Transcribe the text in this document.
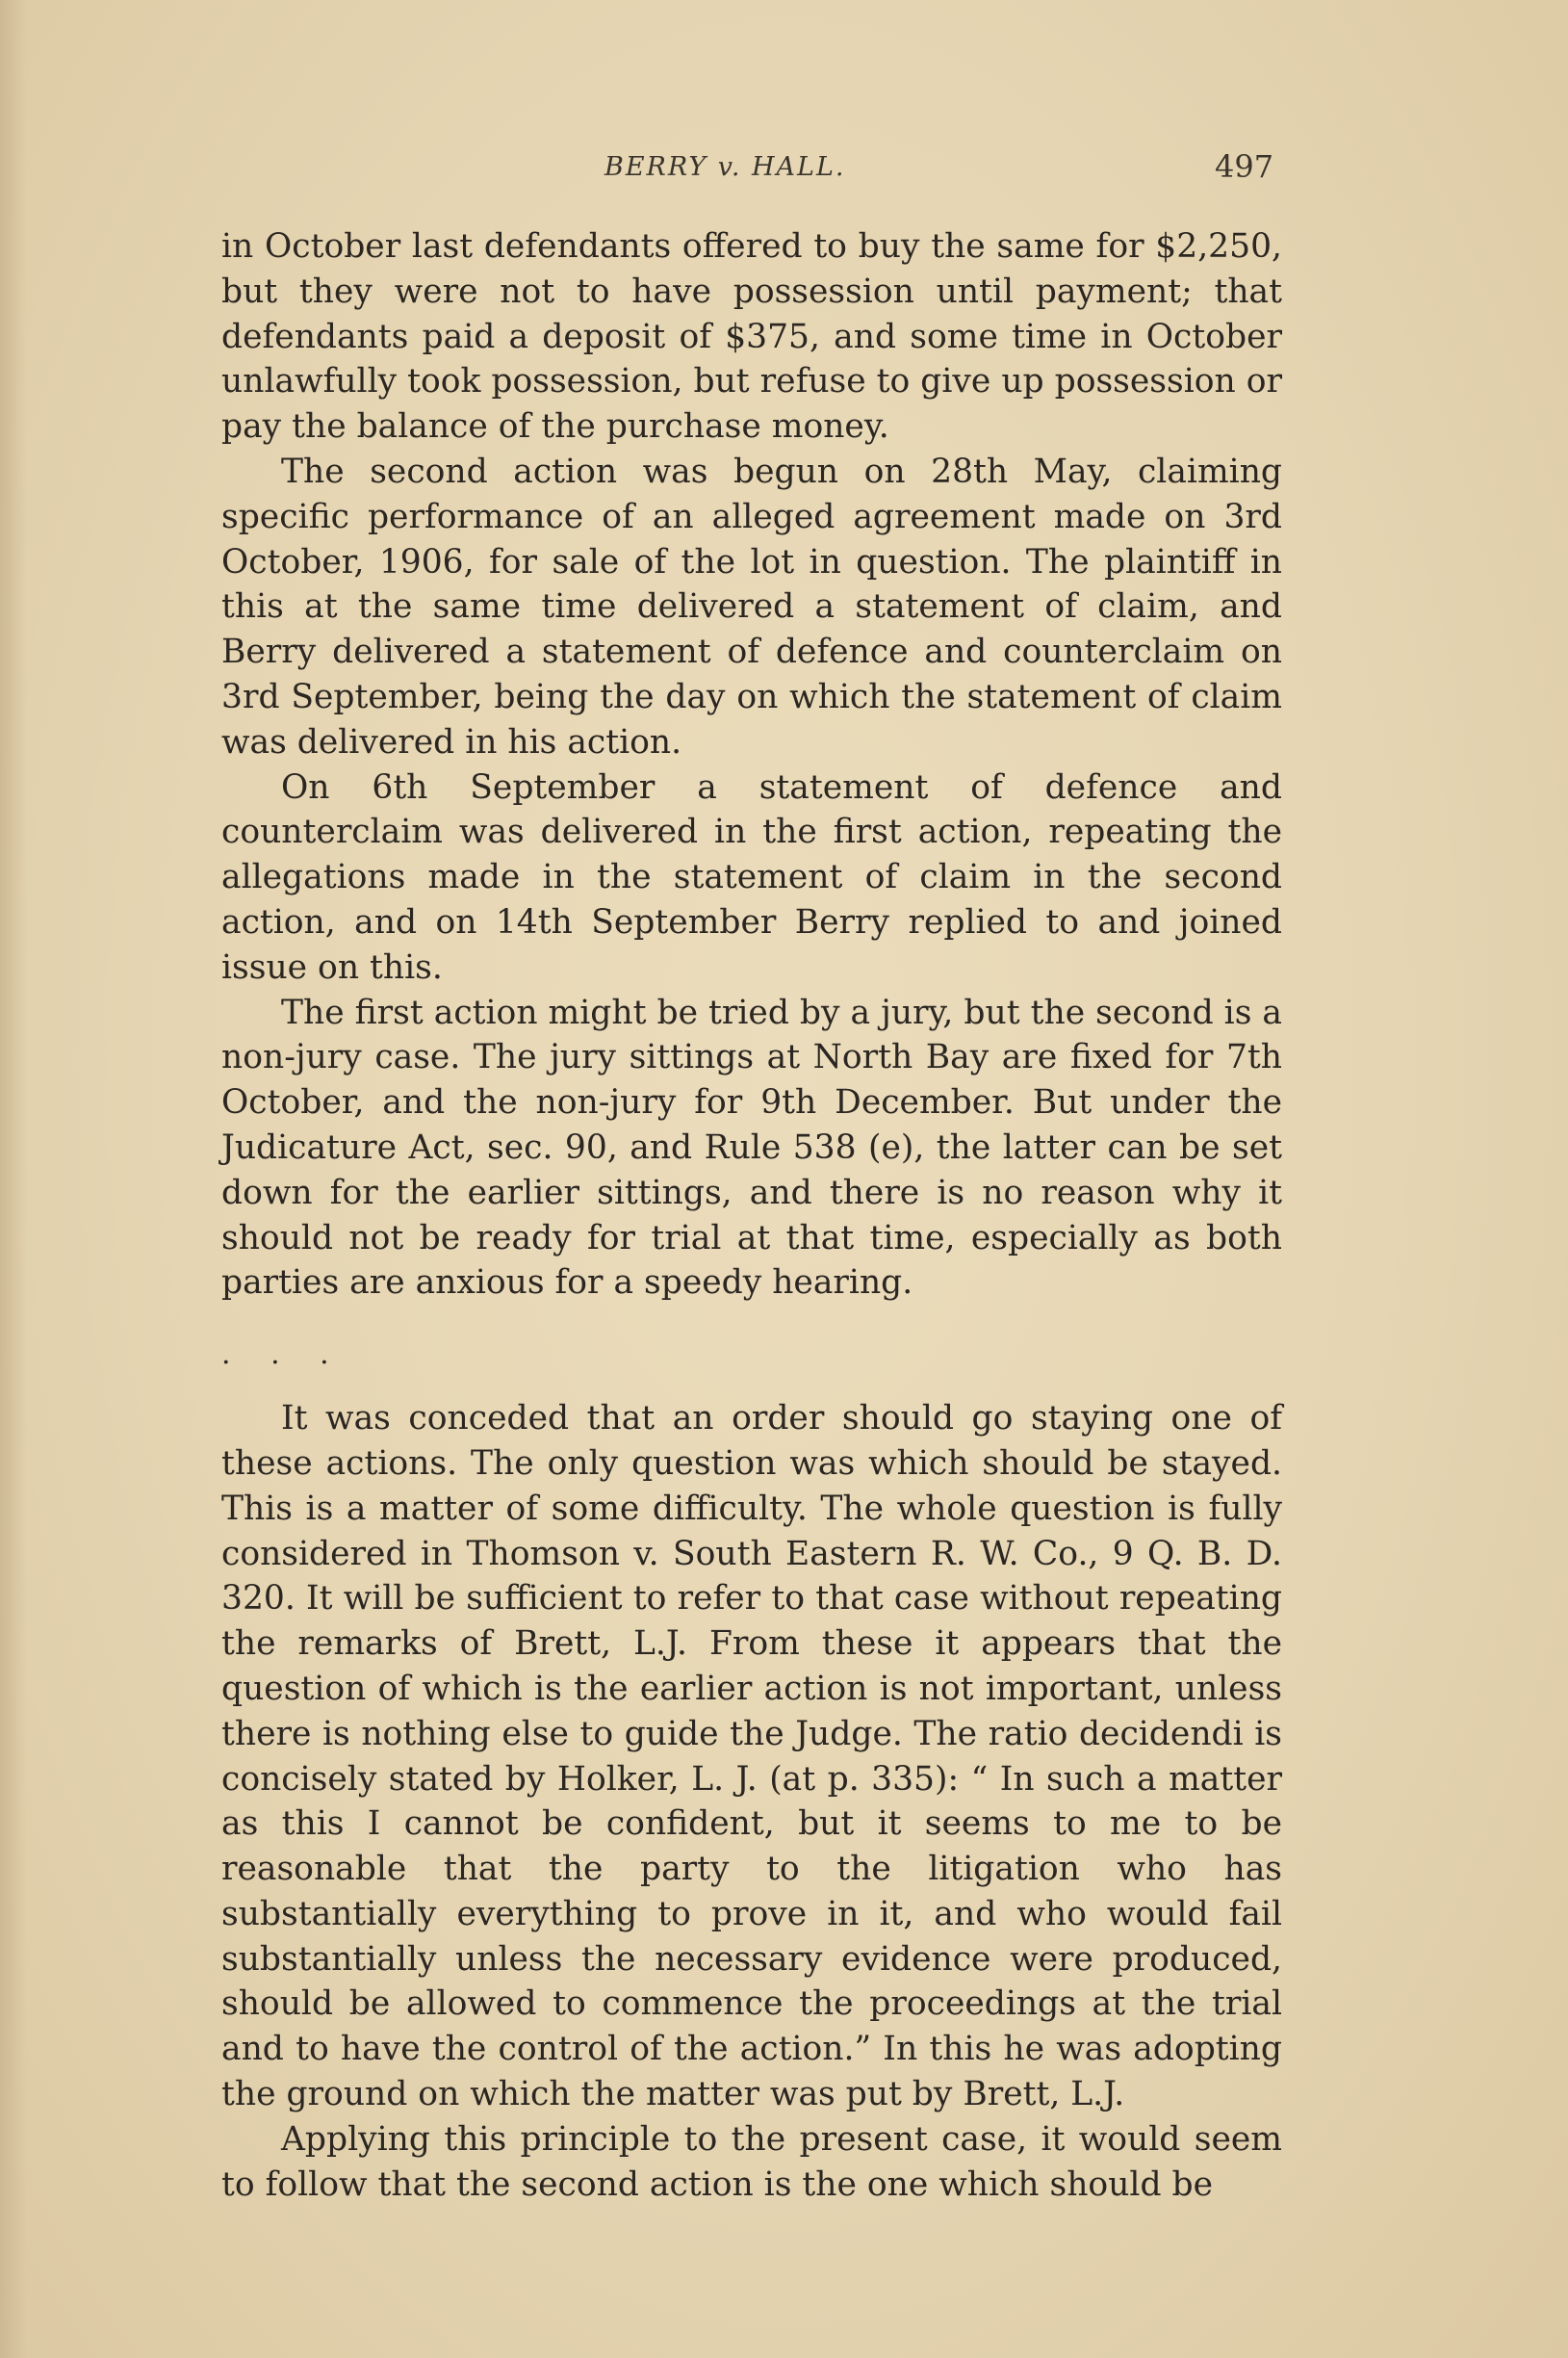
BERRY v. HALL.	497

in October last defendants offered to buy the same for $2,250, but they were not to have possession until payment; that defendants paid a deposit of $375, and some time in October unlawfully took possession, but refuse to give up possession or pay the balance of the purchase money.

The second action was begun on 28th May, claiming specific performance of an alleged agreement made on 3rd October, 1906, for sale of the lot in question. The plaintiff in this at the same time delivered a statement of claim, and Berry delivered a statement of defence and counterclaim on 3rd September, being the day on which the statement of claim was delivered in his action.

On 6th September a statement of defence and counterclaim was delivered in the first action, repeating the allegations made in the statement of claim in the second action, and on 14th September Berry replied to and joined issue on this.

The first action might be tried by a jury, but the second is a non-jury case. The jury sittings at North Bay are fixed for 7th October, and the non-jury for 9th December. But under the Judicature Act, sec. 90, and Rule 538 (e), the latter can be set down for the earlier sittings, and there is no reason why it should not be ready for trial at that time, especially as both parties are anxious for a speedy hearing.

. . .

It was conceded that an order should go staying one of these actions. The only question was which should be stayed. This is a matter of some difficulty. The whole question is fully considered in Thomson v. South Eastern R. W. Co., 9 Q. B. D. 320. It will be sufficient to refer to that case without repeating the remarks of Brett, L.J. From these it appears that the question of which is the earlier action is not important, unless there is nothing else to guide the Judge. The ratio decidendi is concisely stated by Holker, L. J. (at p. 335): “ In such a matter as this I cannot be confident, but it seems to me to be reasonable that the party to the litigation who has substantially everything to prove in it, and who would fail substantially unless the necessary evidence were produced, should be allowed to commence the proceedings at the trial and to have the control of the action.” In this he was adopting the ground on which the matter was put by Brett, L.J.

Applying this principle to the present case, it would seem to follow that the second action is the one which should be
